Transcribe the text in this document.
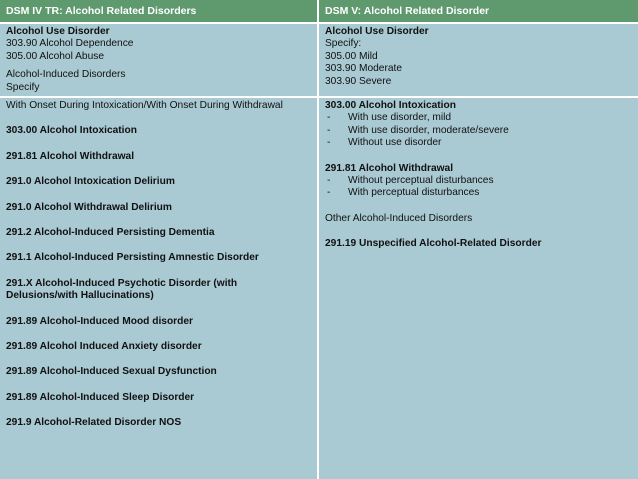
DSM IV TR: Alcohol Related Disorders	DSM V: Alcohol Related Disorder
Alcohol Use Disorder
303.90 Alcohol Dependence
305.00 Alcohol Abuse
Alcohol-Induced Disorders
Specify
Alcohol Use Disorder
Specify:
305.00 Mild
303.90 Moderate
303.90 Severe
With Onset During Intoxication/With Onset During Withdrawal
303.00 Alcohol Intoxication
291.81 Alcohol Withdrawal
291.0 Alcohol Intoxication Delirium
291.0 Alcohol Withdrawal Delirium
291.2 Alcohol-Induced Persisting Dementia
291.1 Alcohol-Induced Persisting Amnestic Disorder
291.X Alcohol-Induced Psychotic Disorder (with
Delusions/with Hallucinations)
291.89 Alcohol-Induced Mood disorder
291.89 Alcohol Induced Anxiety disorder
291.89 Alcohol-Induced Sexual Dysfunction
291.89 Alcohol-Induced Sleep Disorder
291.9 Alcohol-Related Disorder NOS
303.00 Alcohol Intoxication
- With use disorder, mild
- With use disorder, moderate/severe
- Without use disorder
291.81 Alcohol Withdrawal
- Without perceptual disturbances
- With perceptual disturbances
Other Alcohol-Induced Disorders
291.19 Unspecified Alcohol-Related Disorder
